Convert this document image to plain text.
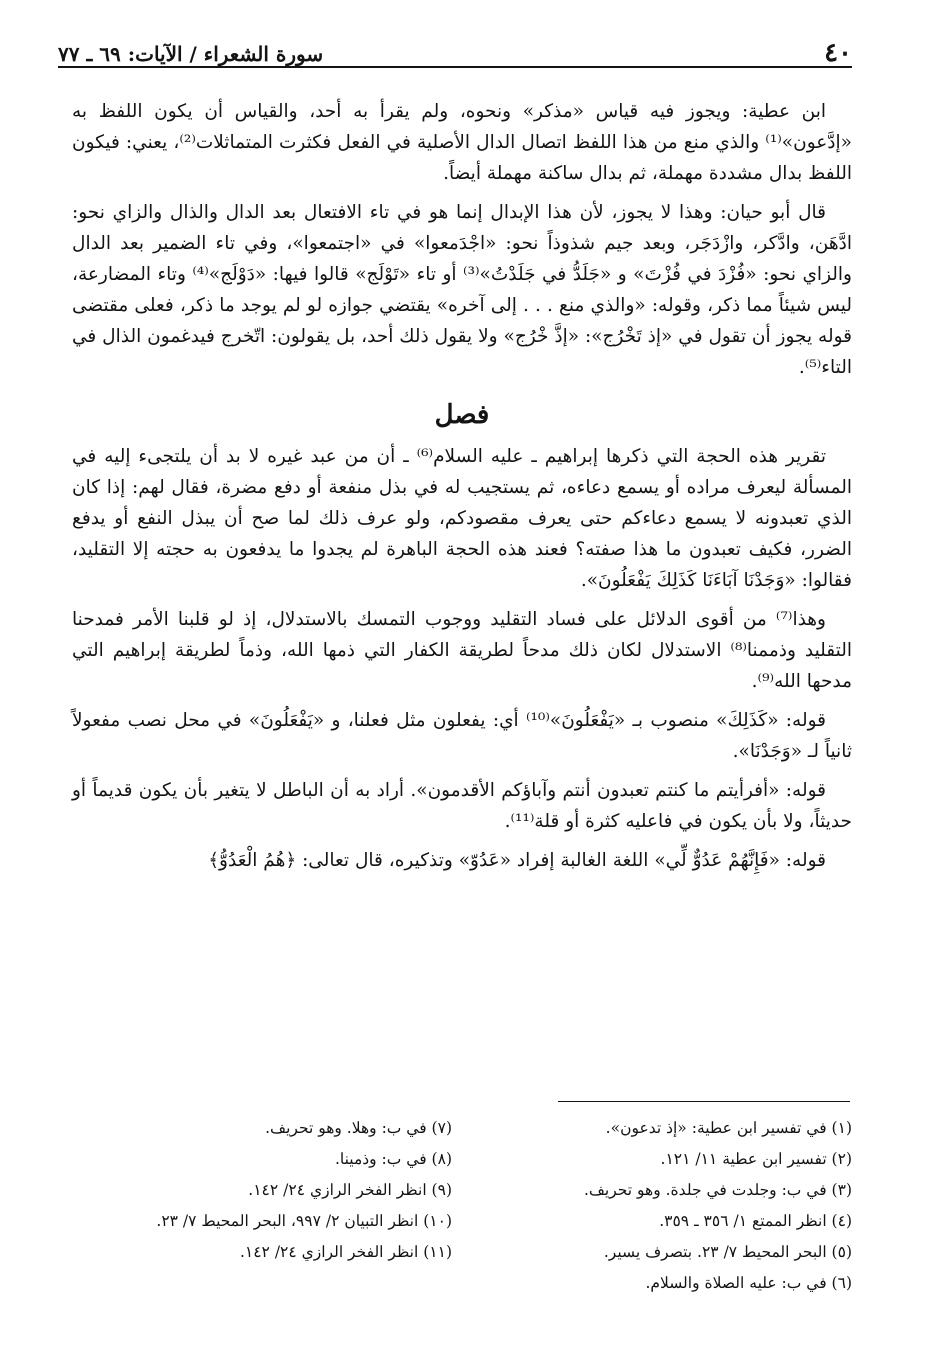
٤٠
سورة الشعراء / الآيات: ٦٩ ـ ٧٧

ابن عطية: ويجوز فيه قياس «مذكر» ونحوه، ولم يقرأ به أحد، والقياس أن يكون اللفظ به «إدَّعون»⁽¹⁾ والذي منع من هذا اللفظ اتصال الدال الأصلية في الفعل فكثرت المتماثلات⁽²⁾، يعني: فيكون اللفظ بدال مشددة مهملة، ثم بدال ساكنة مهملة أيضاً.

قال أبو حيان: وهذا لا يجوز، لأن هذا الإبدال إنما هو في تاء الافتعال بعد الدال والذال والزاي نحو: ادَّهَن، وادَّكر، وازْدَجَر، وبعد جيم شذوذاً نحو: «اجْدَمعوا» في «اجتمعوا»، وفي تاء الضمير بعد الدال والزاي نحو: «فُزْدَ في فُزْتَ» و «جَلَدُّ في جَلَدْتُ»⁽³⁾ أو تاء «تَوْلَج» قالوا فيها: «دَوْلَج»⁽⁴⁾ وتاء المضارعة، ليس شيئاً مما ذكر، وقوله: «والذي منع . . . إلى آخره» يقتضي جوازه لو لم يوجد ما ذكر، فعلى مقتضى قوله يجوز أن تقول في «إذ تَخْرُج»: «إذَّ خْرُج» ولا يقول ذلك أحد، بل يقولون: اتّخرج فيدغمون الذال في التاء⁽⁵⁾.

فصل

تقرير هذه الحجة التي ذكرها إبراهيم ـ عليه السلام⁽⁶⁾ ـ أن من عبد غيره لا بد أن يلتجىء إليه في المسألة ليعرف مراده أو يسمع دعاءه، ثم يستجيب له في بذل منفعة أو دفع مضرة، فقال لهم: إذا كان الذي تعبدونه لا يسمع دعاءكم حتى يعرف مقصودكم، ولو عرف ذلك لما صح أن يبذل النفع أو يدفع الضرر، فكيف تعبدون ما هذا صفته؟ فعند هذه الحجة الباهرة لم يجدوا ما يدفعون به حجته إلا التقليد، فقالوا: «وَجَدْنَا آبَاءَنَا كَذَلِكَ يَفْعَلُونَ».

وهذا⁽⁷⁾ من أقوى الدلائل على فساد التقليد ووجوب التمسك بالاستدلال، إذ لو قلبنا الأمر فمدحنا التقليد وذممنا⁽⁸⁾ الاستدلال لكان ذلك مدحاً لطريقة الكفار التي ذمها الله، وذماً لطريقة إبراهيم التي مدحها الله⁽⁹⁾.

قوله: «كَذَلِكَ» منصوب بـ «يَفْعَلُونَ»⁽¹⁰⁾ أي: يفعلون مثل فعلنا، و «يَفْعَلُونَ» في محل نصب مفعولاً ثانياً لـ «وَجَدْنَا».

قوله: «أفرأيتم ما كنتم تعبدون أنتم وآباؤكم الأقدمون». أراد به أن الباطل لا يتغير بأن يكون قديماً أو حديثاً، ولا بأن يكون في فاعليه كثرة أو قلة⁽¹¹⁾.

قوله: «فَإِنَّهُمْ عَدُوٌّ لِّي» اللغة الغالبة إفراد «عَدُوّ» وتذكيره، قال تعالى: ﴿هُمُ الْعَدُوُّ﴾

(١) في تفسير ابن عطية: «إذ تدعون».
(٢) تفسير ابن عطية ١١/ ١٢١.
(٣) في ب: وجلدت في جلدة. وهو تحريف.
(٤) انظر الممتع ١/ ٣٥٦ ـ ٣٥٩.
(٥) البحر المحيط ٧/ ٢٣. بتصرف يسير.
(٦) في ب: عليه الصلاة والسلام.
(٧) في ب: وهلا. وهو تحريف.
(٨) في ب: وذمينا.
(٩) انظر الفخر الرازي ٢٤/ ١٤٢.
(١٠) انظر التبيان ٢/ ٩٩٧، البحر المحيط ٧/ ٢٣.
(١١) انظر الفخر الرازي ٢٤/ ١٤٢.
